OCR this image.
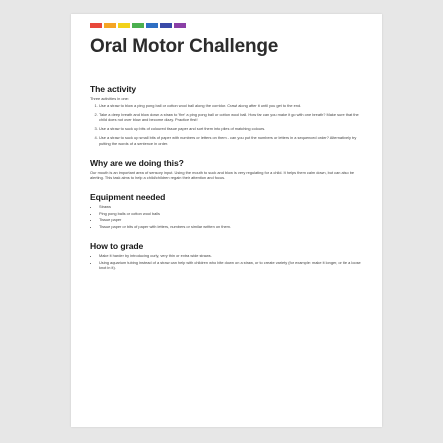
Oral Motor Challenge
The activity

Three activities in one:

1. Use a straw to blow a ping pong ball or cotton wool ball along the corridor. Crawl along after it until you get to the end.
2. Take a deep breath and blow down a straw to 'fire' a ping pong ball or cotton wool ball. How far can you make it go with one breath? Make sure that the child does not over blow and become dizzy. Practice first!
3. Use a straw to suck up bits of coloured tissue paper and sort them into piles of matching colours.
4. Use a straw to suck up small bits of paper with numbers or letters on them - can you put the numbers or letters in a sequenced order? Alternatively try putting the words of a sentence in order.
Why are we doing this?

Our mouth is an important area of sensory input. Using the mouth to suck and blow is very regulating for a child. It helps them calm down, but can also be alerting. This task aims to help a child/children regain their attention and focus.

Equipment needed
• Straws
• Ping pong balls or cotton wool balls
• Tissue paper
• Tissue paper or bits of paper with letters, numbers or similar written on them.
How to grade
• Make it harder by introducing curly, very thin or extra wide straws.
• Using aquarium tubing instead of a straw can help with children who bite down on a straw, or to create variety (for example: make it longer, or tie a loose knot in it).
